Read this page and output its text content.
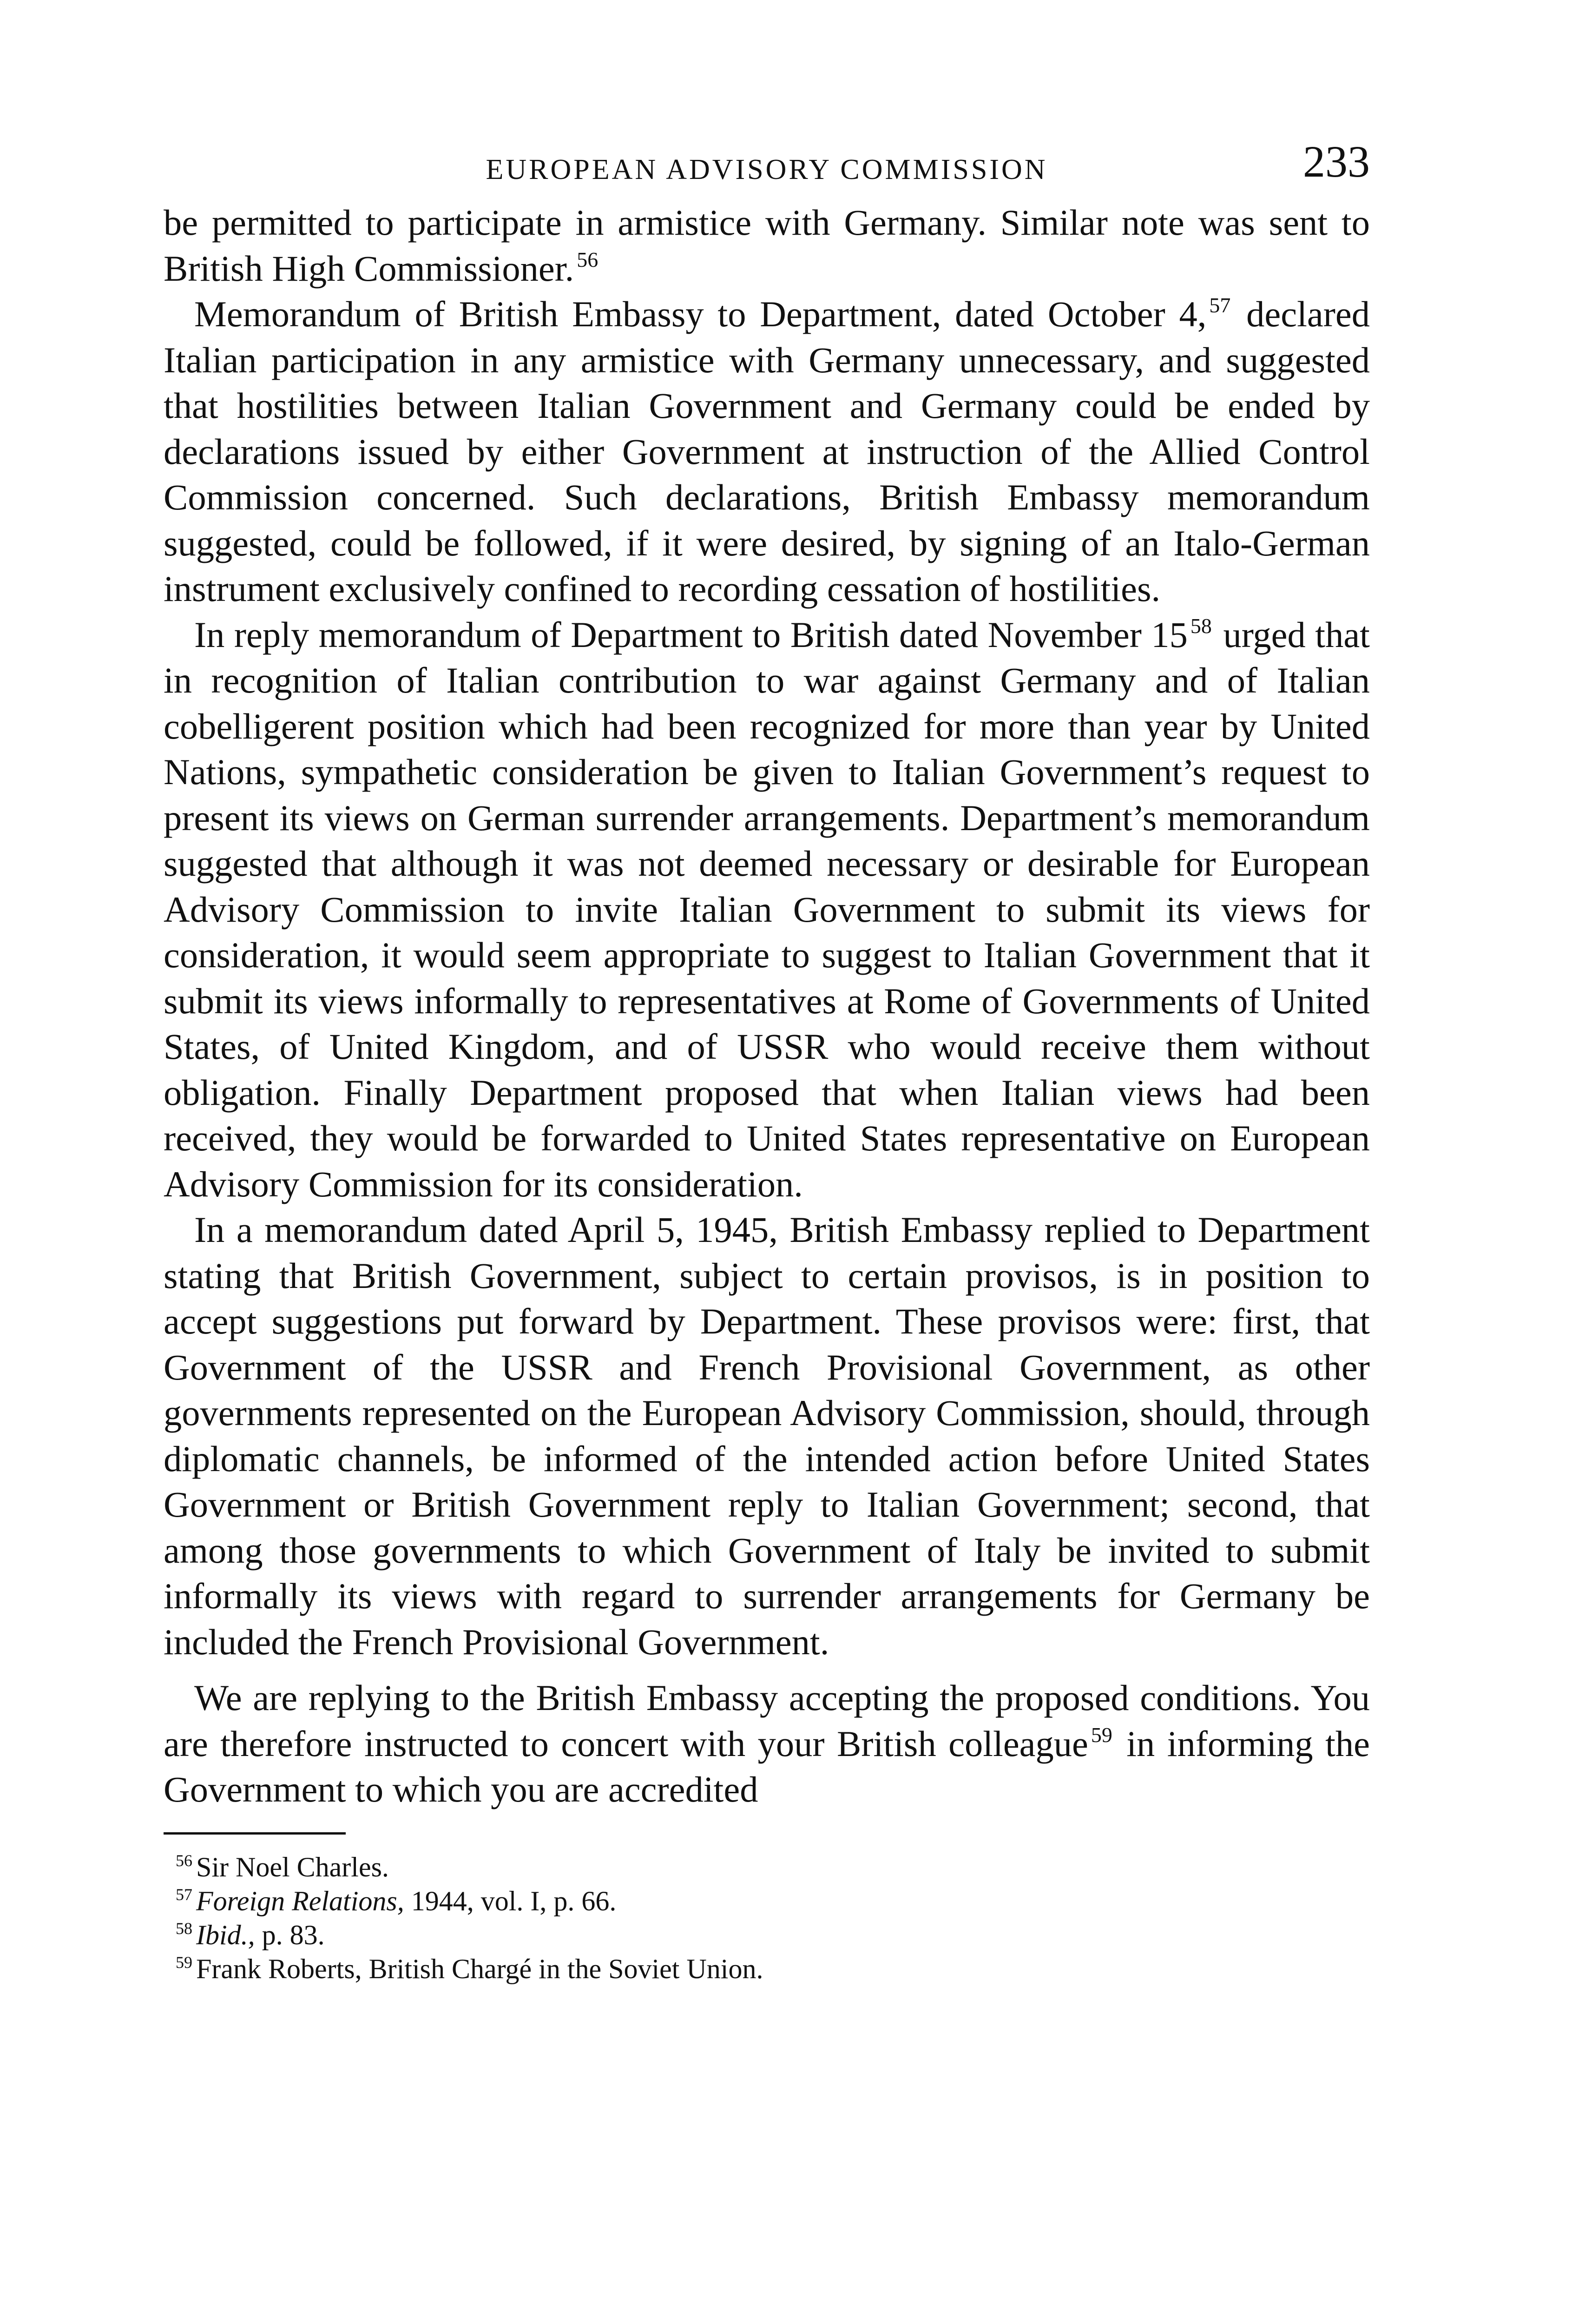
EUROPEAN ADVISORY COMMISSION	233

be permitted to participate in armistice with Germany. Similar note was sent to British High Commissioner. $^{56}$

Memorandum of British Embassy to Department, dated October 4, $^{57}$ declared Italian participation in any armistice with Germany unnecessary, and suggested that hostilities between Italian Government and Germany could be ended by declarations issued by either Government at instruction of the Allied Control Commission concerned. Such declarations, British Embassy memorandum suggested, could be followed, if it were desired, by signing of an Italo-German instrument exclusively confined to recording cessation of hostilities.

In reply memorandum of Department to British dated November 15 $^{58}$ urged that in recognition of Italian contribution to war against Germany and of Italian cobelligerent position which had been recognized for more than year by United Nations, sympathetic consideration be given to Italian Government’s request to present its views on German surrender arrangements. Department’s memorandum suggested that although it was not deemed necessary or desirable for European Advisory Commission to invite Italian Government to submit its views for consideration, it would seem appropriate to suggest to Italian Government that it submit its views informally to representatives at Rome of Governments of United States, of United Kingdom, and of USSR who would receive them without obligation. Finally Department proposed that when Italian views had been received, they would be forwarded to United States representative on European Advisory Commission for its consideration.

In a memorandum dated April 5, 1945, British Embassy replied to Department stating that British Government, subject to certain provisos, is in position to accept suggestions put forward by Department. These provisos were: first, that Government of the USSR and French Provisional Government, as other governments represented on the European Advisory Commission, should, through diplomatic channels, be informed of the intended action before United States Government or British Government reply to Italian Government; second, that among those governments to which Government of Italy be invited to submit informally its views with regard to surrender arrangements for Germany be included the French Provisional Government.

We are replying to the British Embassy accepting the proposed conditions. You are therefore instructed to concert with your British colleague $^{59}$ in informing the Government to which you are accredited

$^{56}$ Sir Noel Charles.
$^{57}$ Foreign Relations, 1944, vol. I, p. 66.
$^{58}$ Ibid., p. 83.
$^{59}$ Frank Roberts, British Chargé in the Soviet Union.
